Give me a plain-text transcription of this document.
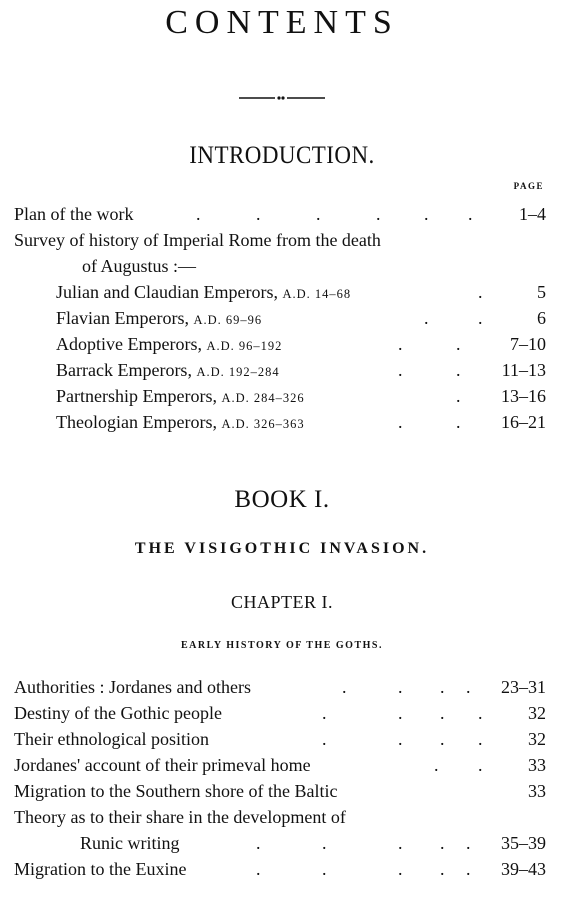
CONTENTS
INTRODUCTION.
PAGE
Plan of the work	.	.	.	. . .	1–4
Survey of history of Imperial Rome from the death
of Augustus :—
Julian and Claudian Emperors, A.D. 14–68	.	5
Flavian Emperors, A.D. 69–96	.	.	6
Adoptive Emperors, A.D. 96–192	.	.	7–10
Barrack Emperors, A.D. 192–284	.	. 11–13
Partnership Emperors, A.D. 284–326	. 13–16
Theologian Emperors, A.D. 326–363	.	. 16–21
BOOK I.
THE VISIGOTHIC INVASION.
CHAPTER I.
EARLY HISTORY OF THE GOTHS.
Authorities : Jordanes and others	.	. . . 23–31
Destiny of the Gothic people	.	. . .	32
Their ethnological position	.	. . .	32
Jordanes' account of their primeval home	. .	33
Migration to the Southern shore of the Baltic	33
Theory as to their share in the development of
Runic writing	.	.	. . . 35–39
Migration to the Euxine	.	.	. . . 39–43
